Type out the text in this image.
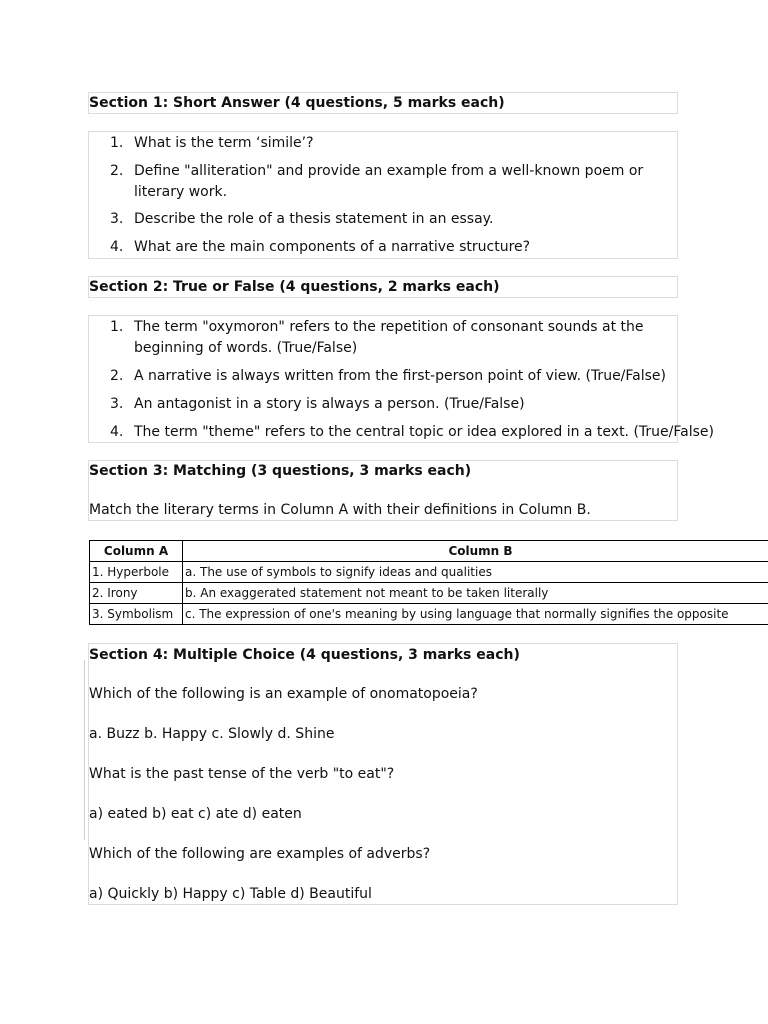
Section 1: Short Answer (4 questions, 5 marks each)
1. What is the term ‘simile’?
2. Define "alliteration" and provide an example from a well-known poem or literary work.
3. Describe the role of a thesis statement in an essay.
4. What are the main components of a narrative structure?
Section 2: True or False (4 questions, 2 marks each)
1. The term "oxymoron" refers to the repetition of consonant sounds at the beginning of words. (True/False)
2. A narrative is always written from the first-person point of view. (True/False)
3. An antagonist in a story is always a person. (True/False)
4. The term "theme" refers to the central topic or idea explored in a text. (True/False)
Section 3: Matching (3 questions, 3 marks each)
Match the literary terms in Column A with their definitions in Column B.
Column A	Column B
1. Hyperbole	a. The use of symbols to signify ideas and qualities
2. Irony	b. An exaggerated statement not meant to be taken literally
3. Symbolism	c. The expression of one's meaning by using language that normally signifies the opposite
Section 4: Multiple Choice (4 questions, 3 marks each)
Which of the following is an example of onomatopoeia?
a. Buzz b. Happy c. Slowly d. Shine
What is the past tense of the verb "to eat"?
a) eated b) eat c) ate d) eaten
Which of the following are examples of adverbs?
a) Quickly b) Happy c) Table d) Beautiful
